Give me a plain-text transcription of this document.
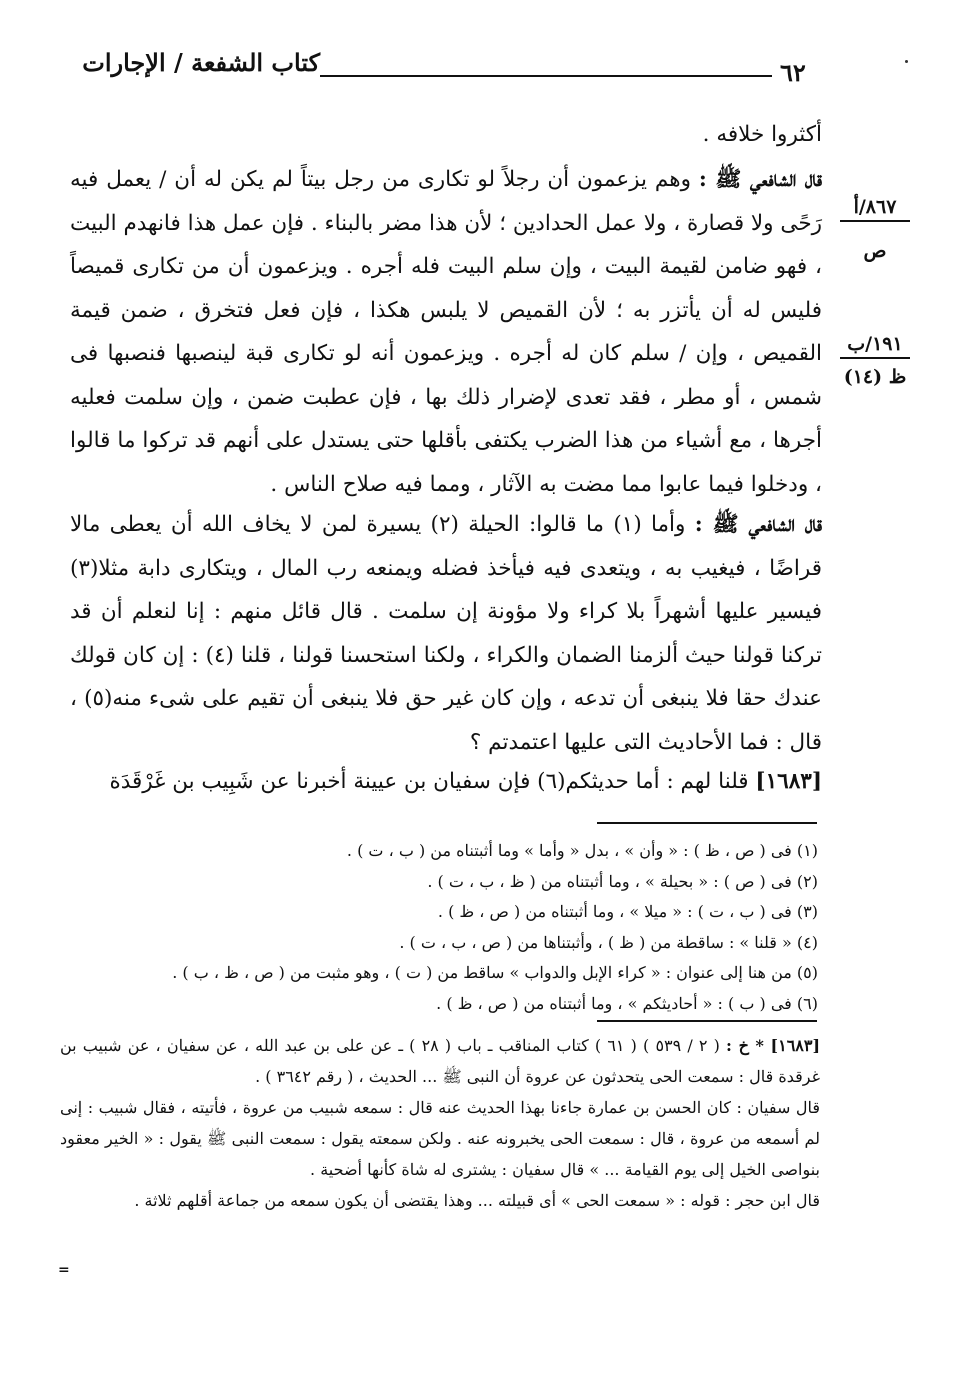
كتاب الشفعة / الإجارات	٦٢
٨٦٧/أ
ص
١٩١/ب
ظ (١٤)
أكثروا خلافه .
قال الشافعي ﷺ : وهم يزعمون أن رجلاً لو تكارى من رجل بيتاً لم يكن له أن / يعمل فيه رَحًى ولا قصارة ، ولا عمل الحدادين ؛ لأن هذا مضر بالبناء . فإن عمل هذا فانهدم البيت ، فهو ضامن لقيمة البيت ، وإن سلم البيت فله أجره . ويزعمون أن من تكارى قميصاً فليس له أن يأتزر به ؛ لأن القميص لا يلبس هكذا ، فإن فعل فتخرق ، ضمن قيمة القميص ، وإن / سلم كان له أجره . ويزعمون أنه لو تكارى قبة لينصبها فنصبها فى شمس ، أو مطر ، فقد تعدى لإضرار ذلك بها ، فإن عطبت ضمن ، وإن سلمت فعليه أجرها ، مع أشياء من هذا الضرب يكتفى بأقلها حتى يستدل على أنهم قد تركوا ما قالوا ، ودخلوا فيما عابوا مما مضت به الآثار ، ومما فيه صلاح الناس .
قال الشافعي ﷺ : وأما (١) ما قالوا: الحيلة (٢) يسيرة لمن لا يخاف الله أن يعطى مالا قراضًا ، فيغيب به ، ويتعدى فيه فيأخذ فضله ويمنعه رب المال ، ويتكارى دابة مثلا(٣) فيسير عليها أشهراً بلا كراء ولا مؤونة إن سلمت . قال قائل منهم : إنا لنعلم أن قد تركنا قولنا حيث ألزمنا الضمان والكراء ، ولكنا استحسنا قولنا ، قلنا (٤) : إن كان قولك عندك حقا فلا ينبغى أن تدعه ، وإن كان غير حق فلا ينبغى أن تقيم على شىء منه(٥) ، قال : فما الأحاديث التى عليها اعتمدتم ؟
[١٦٨٣] قلنا لهم : أما حديثكم(٦) فإن سفيان بن عيينة أخبرنا عن شَبِيب بن غَرْقَدَة
(١) فى ( ص ، ظ ) : « وأن » ، بدل « وأما » وما أثبتناه من ( ب ، ت ) .
(٢) فى ( ص ) : « بحيلة » ، وما أثبتناه من ( ظ ، ب ، ت ) .
(٣) فى ( ب ، ت ) : « ميلا » ، وما أثبتناه من ( ص ، ظ ) .
(٤) « قلنا » : ساقطة من ( ظ ) ، وأثبتناها من ( ص ، ب ، ت ) .
(٥) من هنا إلى عنوان : « كراء الإبل والدواب » ساقط من ( ت ) ، وهو مثبت من ( ص ، ظ ، ب ) .
(٦) فى ( ب ) : « أحاديثكم » ، وما أثبتناه من ( ص ، ظ ) .
[١٦٨٣] * خ : ( ٢ / ٥٣٩ ) ( ٦١ ) كتاب المناقب ـ باب ( ٢٨ ) ـ عن على بن عبد الله ، عن سفيان ، عن شبيب بن غرقدة قال : سمعت الحى يتحدثون عن عروة أن النبى ﷺ ... الحديث ، ( رقم ٣٦٤٢ ) .
قال سفيان : كان الحسن بن عمارة جاءنا بهذا الحديث عنه قال : سمعه شبيب من عروة ، فأتيته ، فقال شبيب : إنى لم أسمعه من عروة ، قال : سمعت الحى يخبرونه عنه . ولكن سمعته يقول : سمعت النبى ﷺ يقول : « الخير معقود بنواصى الخيل إلى يوم القيامة ... » قال سفيان : يشترى له شاة كأنها أضحية .
قال ابن حجر : قوله : « سمعت الحى » أى قبيلته ... وهذا يقتضى أن يكون سمعه من جماعة أقلهم ثلاثة .
=
